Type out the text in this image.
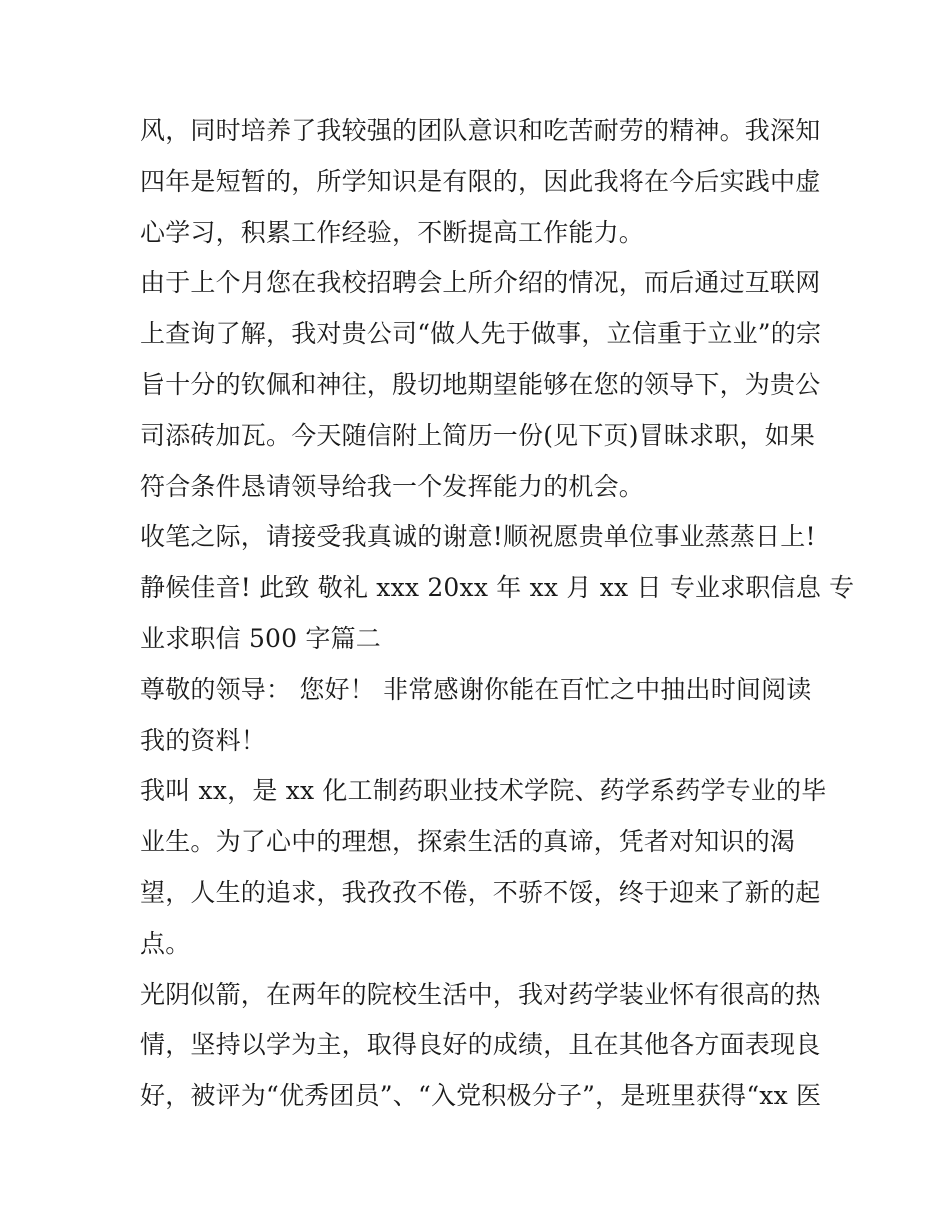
风，同时培养了我较强的团队意识和吃苦耐劳的精神。我深知
四年是短暂的，所学知识是有限的，因此我将在今后实践中虚
心学习，积累工作经验，不断提高工作能力。
由于上个月您在我校招聘会上所介绍的情况，而后通过互联网
上查询了解，我对贵公司“做人先于做事，立信重于立业”的宗
旨十分的钦佩和神往，殷切地期望能够在您的领导下，为贵公
司添砖加瓦。今天随信附上简历一份(见下页)冒昧求职，如果
符合条件恳请领导给我一个发挥能力的机会。
收笔之际，请接受我真诚的谢意!顺祝愿贵单位事业蒸蒸日上!
静候佳音! 此致 敬礼 xxx 20xx 年 xx 月 xx 日 专业求职信息 专
业求职信 500 字篇二
尊敬的领导： 您好！ 非常感谢你能在百忙之中抽出时间阅读
我的资料！
我叫 xx，是 xx 化工制药职业技术学院、药学系药学专业的毕
业生。为了心中的理想，探索生活的真谛，凭者对知识的渴
望，人生的追求，我孜孜不倦，不骄不馁，终于迎来了新的起
点。
光阴似箭，在两年的院校生活中，我对药学装业怀有很高的热
情，坚持以学为主，取得良好的成绩，且在其他各方面表现良
好，被评为“优秀团员”、“入党积极分子”，是班里获得“xx 医
